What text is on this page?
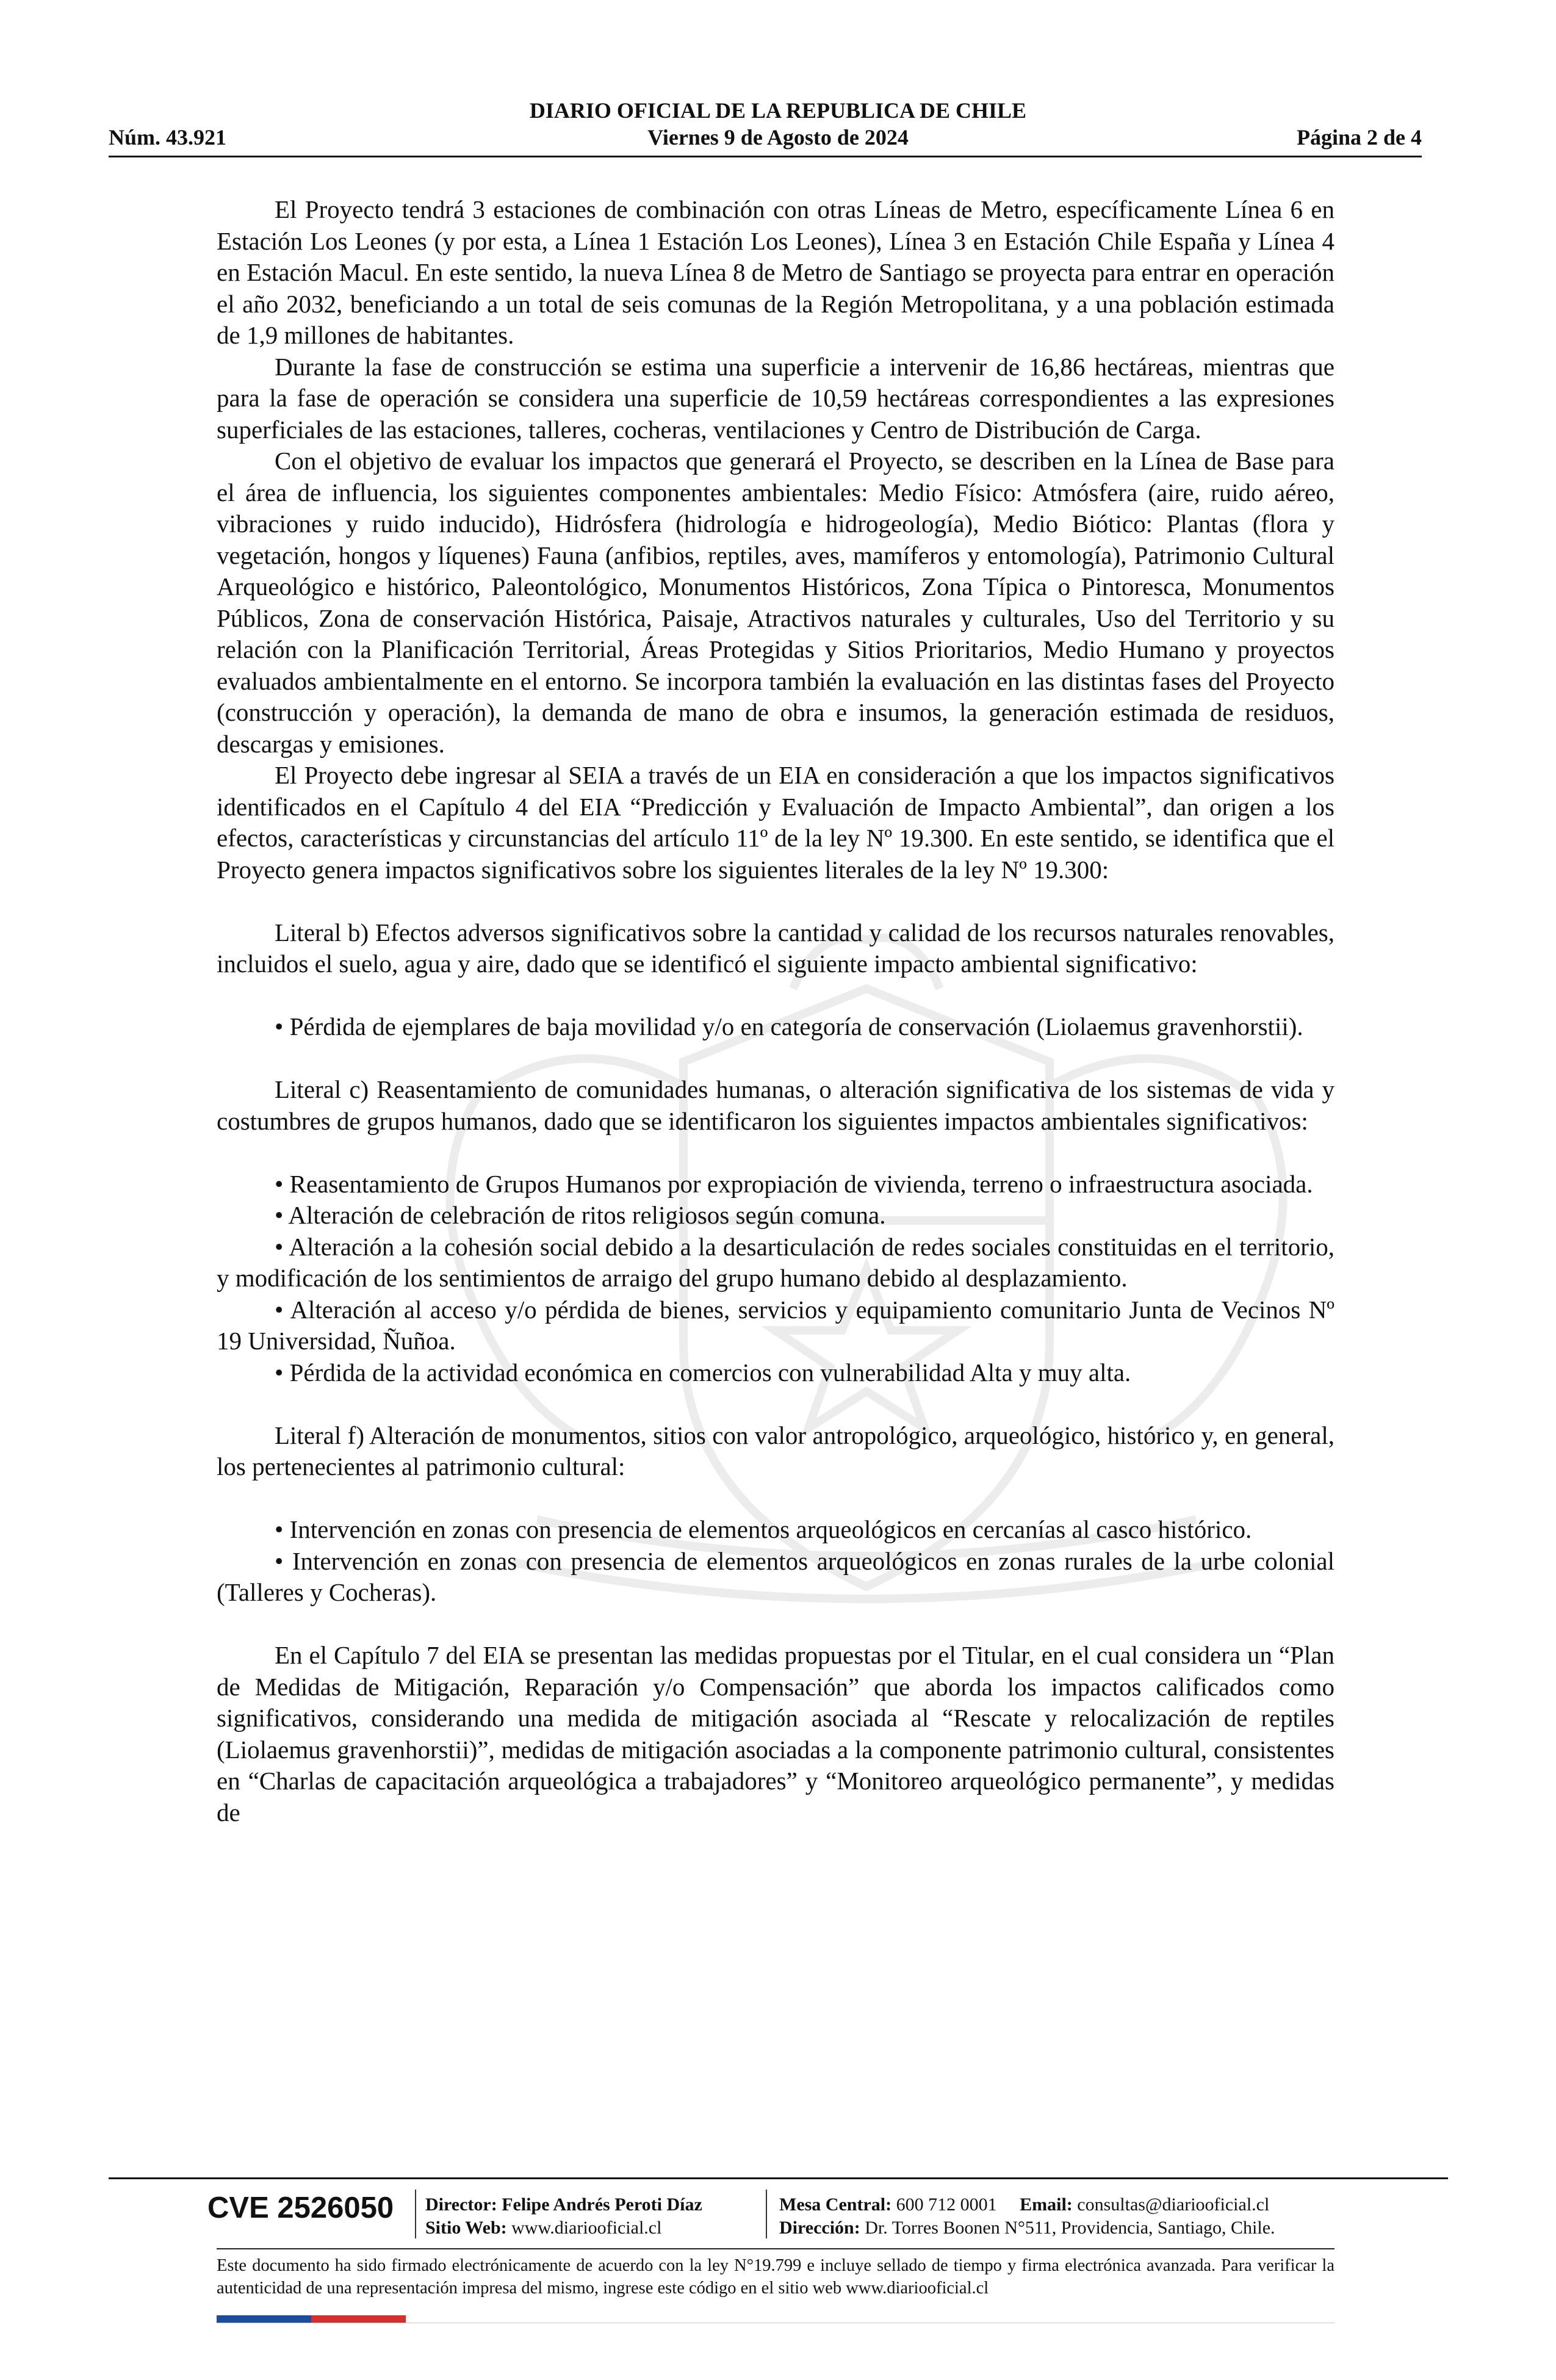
DIARIO OFICIAL DE LA REPUBLICA DE CHILE
Núm. 43.921	Viernes 9 de Agosto de 2024	Página 2 de 4

El Proyecto tendrá 3 estaciones de combinación con otras Líneas de Metro, específicamente Línea 6 en Estación Los Leones (y por esta, a Línea 1 Estación Los Leones), Línea 3 en Estación Chile España y Línea 4 en Estación Macul. En este sentido, la nueva Línea 8 de Metro de Santiago se proyecta para entrar en operación el año 2032, beneficiando a un total de seis comunas de la Región Metropolitana, y a una población estimada de 1,9 millones de habitantes.

Durante la fase de construcción se estima una superficie a intervenir de 16,86 hectáreas, mientras que para la fase de operación se considera una superficie de 10,59 hectáreas correspondientes a las expresiones superficiales de las estaciones, talleres, cocheras, ventilaciones y Centro de Distribución de Carga.

Con el objetivo de evaluar los impactos que generará el Proyecto, se describen en la Línea de Base para el área de influencia, los siguientes componentes ambientales: Medio Físico: Atmósfera (aire, ruido aéreo, vibraciones y ruido inducido), Hidrósfera (hidrología e hidrogeología), Medio Biótico: Plantas (flora y vegetación, hongos y líquenes) Fauna (anfibios, reptiles, aves, mamíferos y entomología), Patrimonio Cultural Arqueológico e histórico, Paleontológico, Monumentos Históricos, Zona Típica o Pintoresca, Monumentos Públicos, Zona de conservación Histórica, Paisaje, Atractivos naturales y culturales, Uso del Territorio y su relación con la Planificación Territorial, Áreas Protegidas y Sitios Prioritarios, Medio Humano y proyectos evaluados ambientalmente en el entorno. Se incorpora también la evaluación en las distintas fases del Proyecto (construcción y operación), la demanda de mano de obra e insumos, la generación estimada de residuos, descargas y emisiones.

El Proyecto debe ingresar al SEIA a través de un EIA en consideración a que los impactos significativos identificados en el Capítulo 4 del EIA “Predicción y Evaluación de Impacto Ambiental”, dan origen a los efectos, características y circunstancias del artículo 11º de la ley Nº 19.300. En este sentido, se identifica que el Proyecto genera impactos significativos sobre los siguientes literales de la ley Nº 19.300:

Literal b) Efectos adversos significativos sobre la cantidad y calidad de los recursos naturales renovables, incluidos el suelo, agua y aire, dado que se identificó el siguiente impacto ambiental significativo:

• Pérdida de ejemplares de baja movilidad y/o en categoría de conservación (Liolaemus gravenhorstii).

Literal c) Reasentamiento de comunidades humanas, o alteración significativa de los sistemas de vida y costumbres de grupos humanos, dado que se identificaron los siguientes impactos ambientales significativos:

• Reasentamiento de Grupos Humanos por expropiación de vivienda, terreno o infraestructura asociada.

• Alteración de celebración de ritos religiosos según comuna.

• Alteración a la cohesión social debido a la desarticulación de redes sociales constituidas en el territorio, y modificación de los sentimientos de arraigo del grupo humano debido al desplazamiento.

• Alteración al acceso y/o pérdida de bienes, servicios y equipamiento comunitario Junta de Vecinos Nº 19 Universidad, Ñuñoa.

• Pérdida de la actividad económica en comercios con vulnerabilidad Alta y muy alta.

Literal f) Alteración de monumentos, sitios con valor antropológico, arqueológico, histórico y, en general, los pertenecientes al patrimonio cultural:

• Intervención en zonas con presencia de elementos arqueológicos en cercanías al casco histórico.

• Intervención en zonas con presencia de elementos arqueológicos en zonas rurales de la urbe colonial (Talleres y Cocheras).

En el Capítulo 7 del EIA se presentan las medidas propuestas por el Titular, en el cual considera un “Plan de Medidas de Mitigación, Reparación y/o Compensación” que aborda los impactos calificados como significativos, considerando una medida de mitigación asociada al “Rescate y relocalización de reptiles (Liolaemus gravenhorstii)”, medidas de mitigación asociadas a la componente patrimonio cultural, consistentes en “Charlas de capacitación arqueológica a trabajadores” y “Monitoreo arqueológico permanente”, y medidas de

CVE 2526050 Director: Felipe Andrés Peroti Díaz
Sitio Web: www.diariooficial.cl
Mesa Central: 600 712 0001 Email: consultas@diariooficial.cl
Dirección: Dr. Torres Boonen N°511, Providencia, Santiago, Chile.
Este documento ha sido firmado electrónicamente de acuerdo con la ley N°19.799 e incluye sellado de tiempo y firma electrónica avanzada. Para verificar la autenticidad de una representación impresa del mismo, ingrese este código en el sitio web www.diariooficial.cl
